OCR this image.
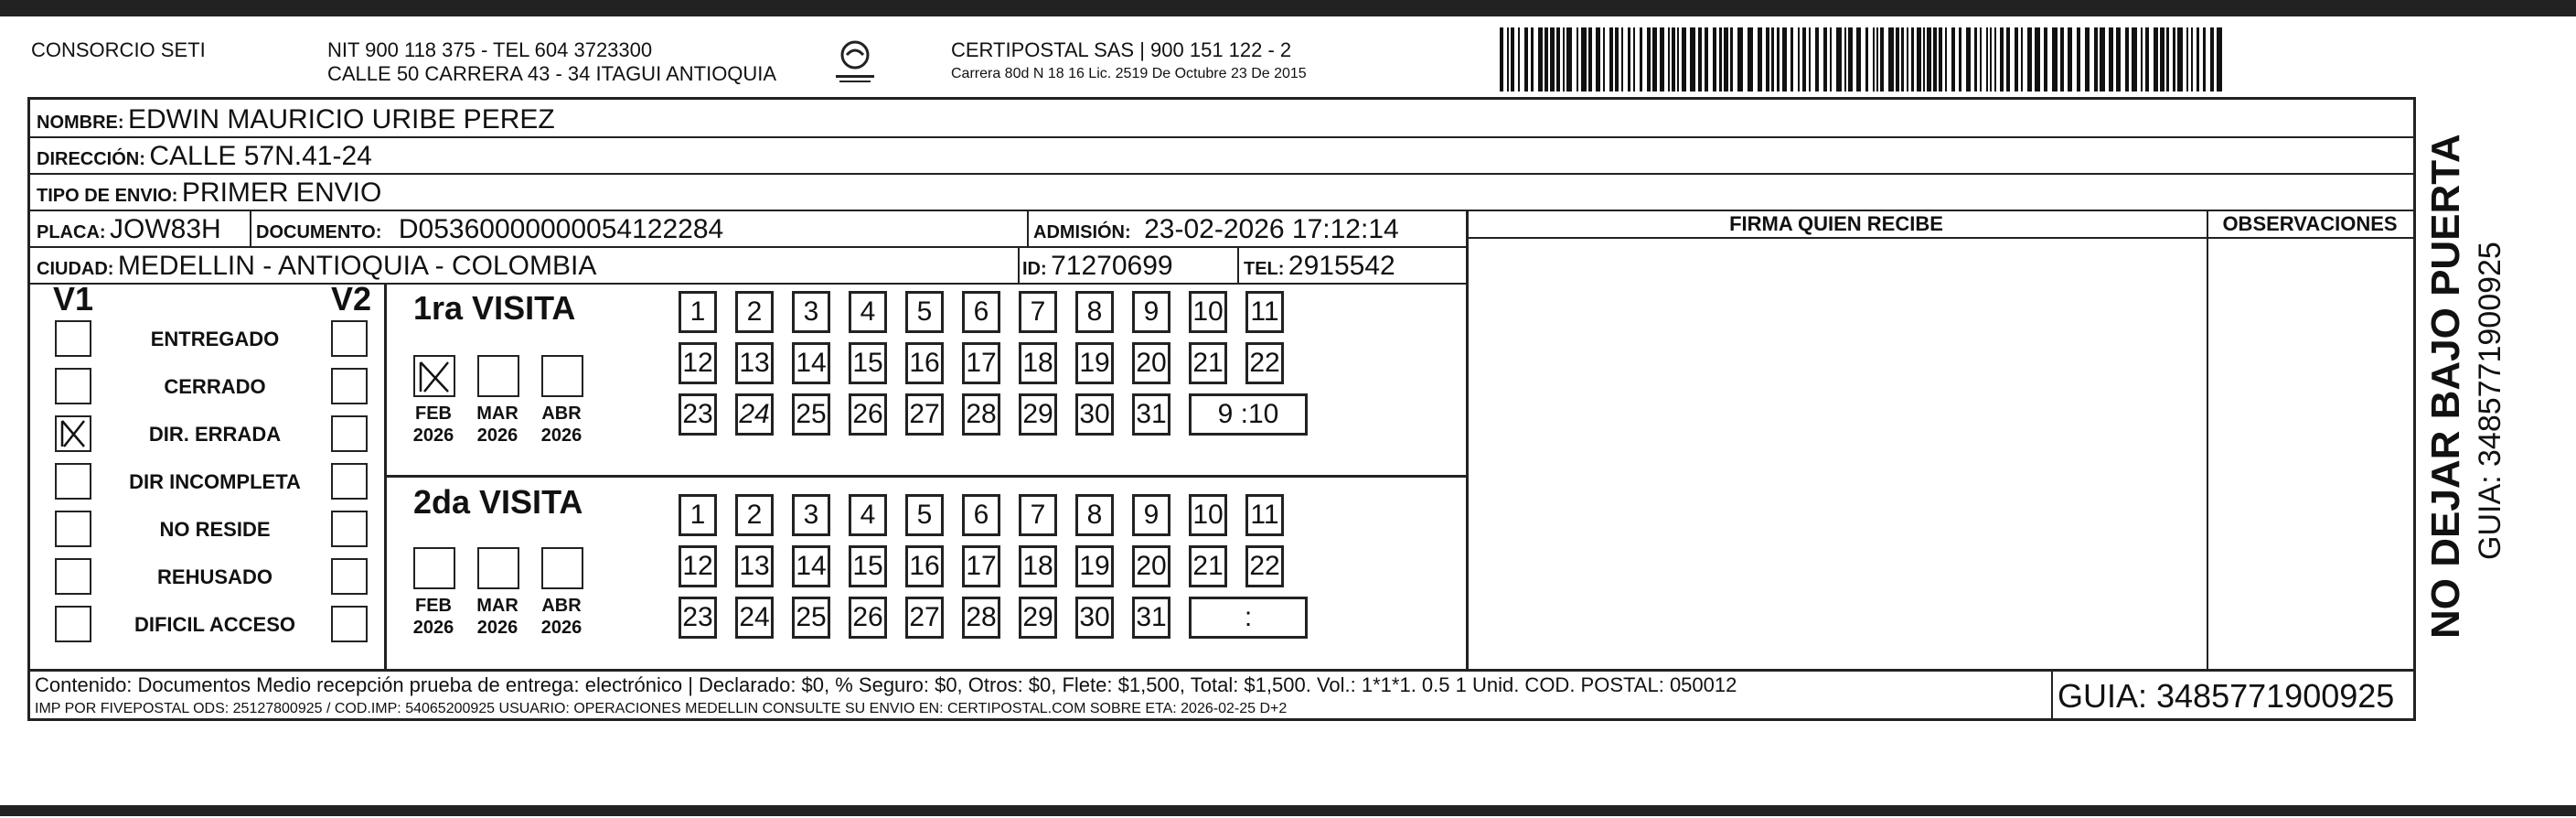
CONSORCIO SETI	NIT 900 118 375 - TEL 604 3723300
CALLE 50 CARRERA 43 - 34 ITAGUI ANTIOQUIA
CERTIPOSTAL SAS | 900 151 122 - 2
Carrera 80d N 18 16 Lic. 2519 De Octubre 23 De 2015
NOMBRE: EDWIN MAURICIO URIBE PEREZ
DIRECCIÓN: CALLE 57N.41-24
TIPO DE ENVIO: PRIMER ENVIO
PLACA: JOW83H DOCUMENTO: D05360000000054122284	ADMISIÓN: 23-02-2026 17:12:14
CIUDAD: MEDELLIN - ANTIOQUIA - COLOMBIA	ID: 71270699	TEL: 2915542
FIRMA QUIEN RECIBE	OBSERVACIONES
V1	V2
ENTREGADO
CERRADO
DIR. ERRADA
DIR INCOMPLETA
NO RESIDE
REHUSADO
DIFICIL ACCESO
1ra VISITA
2da VISITA
FEB
2026
MAR
2026
ABR
2026
1	2	3	4	5	6	7	8	9	10 11
12 13 14 15 16 17 18 19 20 21 22
23 24 25 26 27 28 29 30 31	9 :10
FEB
2026
MAR
2026
ABR
2026
1	2	3	4	5	6	7	8	9	10 11
12 13 14 15 16 17 18 19 20 21 22
23 24 25 26 27 28 29 30 31	:
Contenido: Documentos Medio recepción prueba de entrega: electrónico | Declarado: $0, % Seguro: $0, Otros: $0, Flete: $1,500, Total: $1,500. Vol.: 1*1*1. 0.5 1 Unid. COD. POSTAL: 050012
IMP POR FIVEPOSTAL ODS: 25127800925 / COD.IMP: 54065200925 USUARIO: OPERACIONES MEDELLIN CONSULTE SU ENVIO EN: CERTIPOSTAL.COM SOBRE ETA: 2026-02-25 D+2	GUIA: 3485771900925
NO DEJAR BAJO PUERTA GUIA: 3485771900925
